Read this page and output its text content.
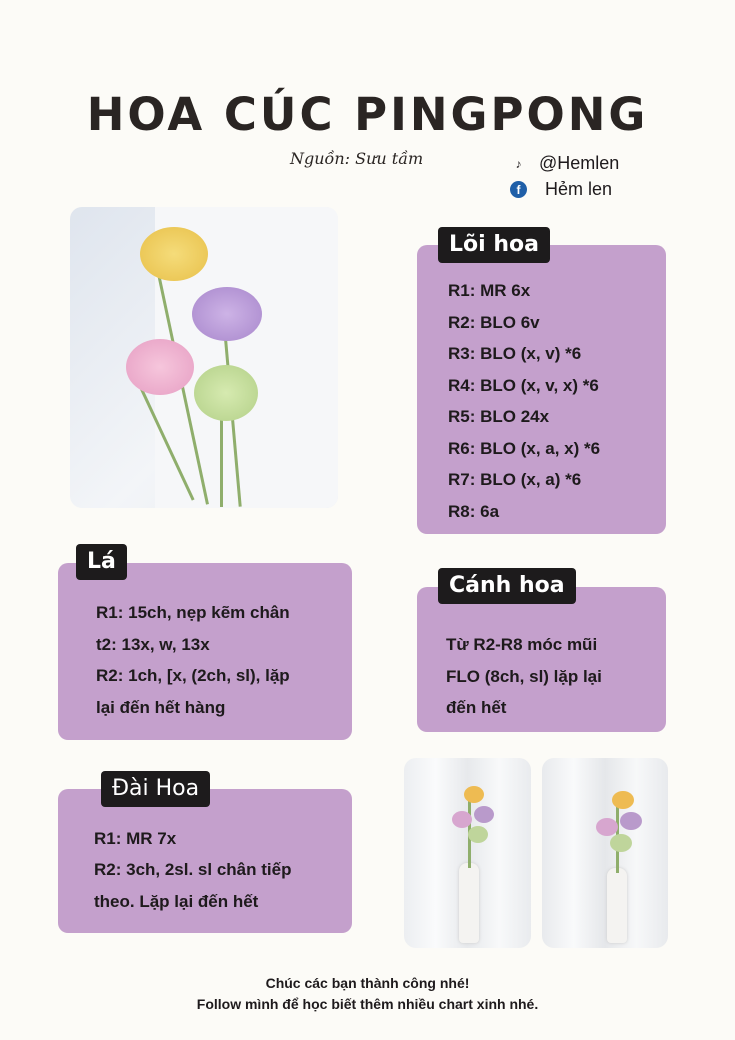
HOA CÚC PINGPONG
Nguồn: Sưu tầm	♪ @Hemlen
f	Hẻm len
Lõi hoa
R1: MR 6x
R2: BLO 6v
R3: BLO (x, v) *6
R4: BLO (x, v, x) *6
R5: BLO 24x
R6: BLO (x, a, x) *6
R7: BLO (x, a) *6
R8: 6a
Lá
R1: 15ch, nẹp kẽm chân
t2: 13x, w, 13x
R2: 1ch, [x, (2ch, sl), lặp
lại đến hết hàng
Cánh hoa
Từ R2-R8 móc mũi
FLO (8ch, sl) lặp lại
đến hết
Đài Hoa
R1: MR 7x
R2: 3ch, 2sl. sl chân tiếp
theo. Lặp lại đến hết
Chúc các bạn thành công nhé!
Follow mình để học biết thêm nhiều chart xinh nhé.
